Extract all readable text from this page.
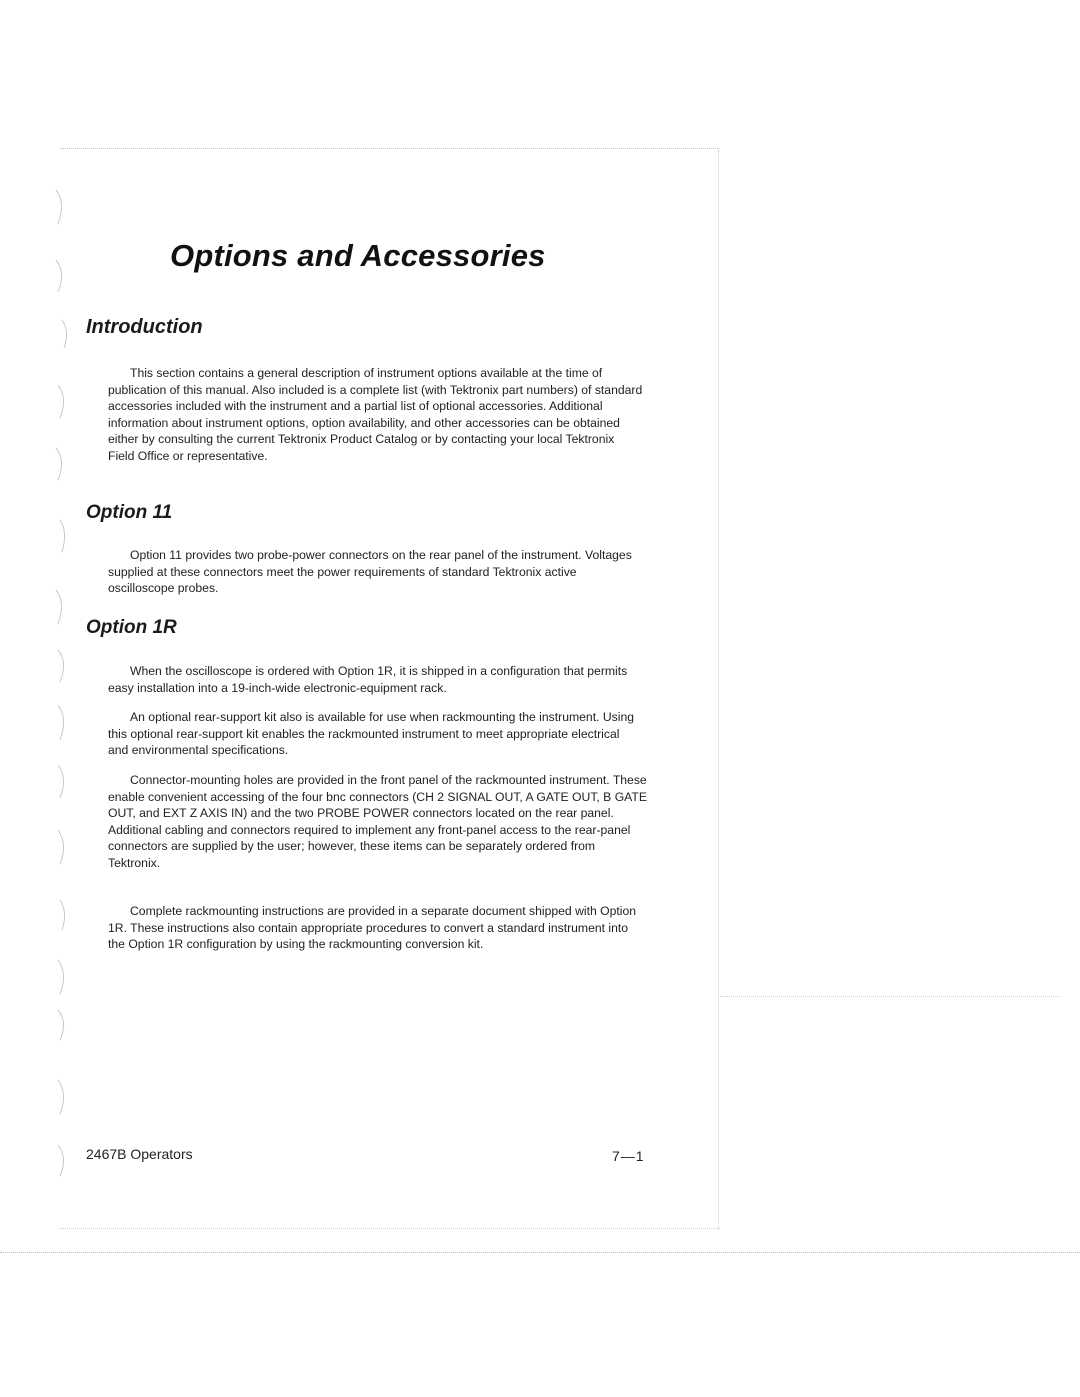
Options and Accessories
Introduction

This section contains a general description of instrument options available at the time of publication of this manual. Also included is a complete list (with Tektronix part numbers) of standard accessories included with the instrument and a partial list of optional accessories. Additional information about instrument options, option availability, and other accessories can be obtained either by consulting the current Tektronix Product Catalog or by contacting your local Tektronix Field Office or representative.

Option 11

Option 11 provides two probe-power connectors on the rear panel of the instrument. Voltages supplied at these connectors meet the power requirements of standard Tektronix active oscilloscope probes.

Option 1R

When the oscilloscope is ordered with Option 1R, it is shipped in a configuration that permits easy installation into a 19-inch-wide electronic-equipment rack.

An optional rear-support kit also is available for use when rackmounting the instrument. Using this optional rear-support kit enables the rackmounted instrument to meet appropriate electrical and environmental specifications.

Connector-mounting holes are provided in the front panel of the rackmounted instrument. These enable convenient accessing of the four bnc connectors (CH 2 SIGNAL OUT, A GATE OUT, B GATE OUT, and EXT Z AXIS IN) and the two PROBE POWER connectors located on the rear panel. Additional cabling and connectors required to implement any front-panel access to the rear-panel connectors are supplied by the user; however, these items can be separately ordered from Tektronix.

Complete rackmounting instructions are provided in a separate document shipped with Option 1R. These instructions also contain appropriate procedures to convert a standard instrument into the Option 1R configuration by using the rackmounting conversion kit.

2467B Operators	7—1
